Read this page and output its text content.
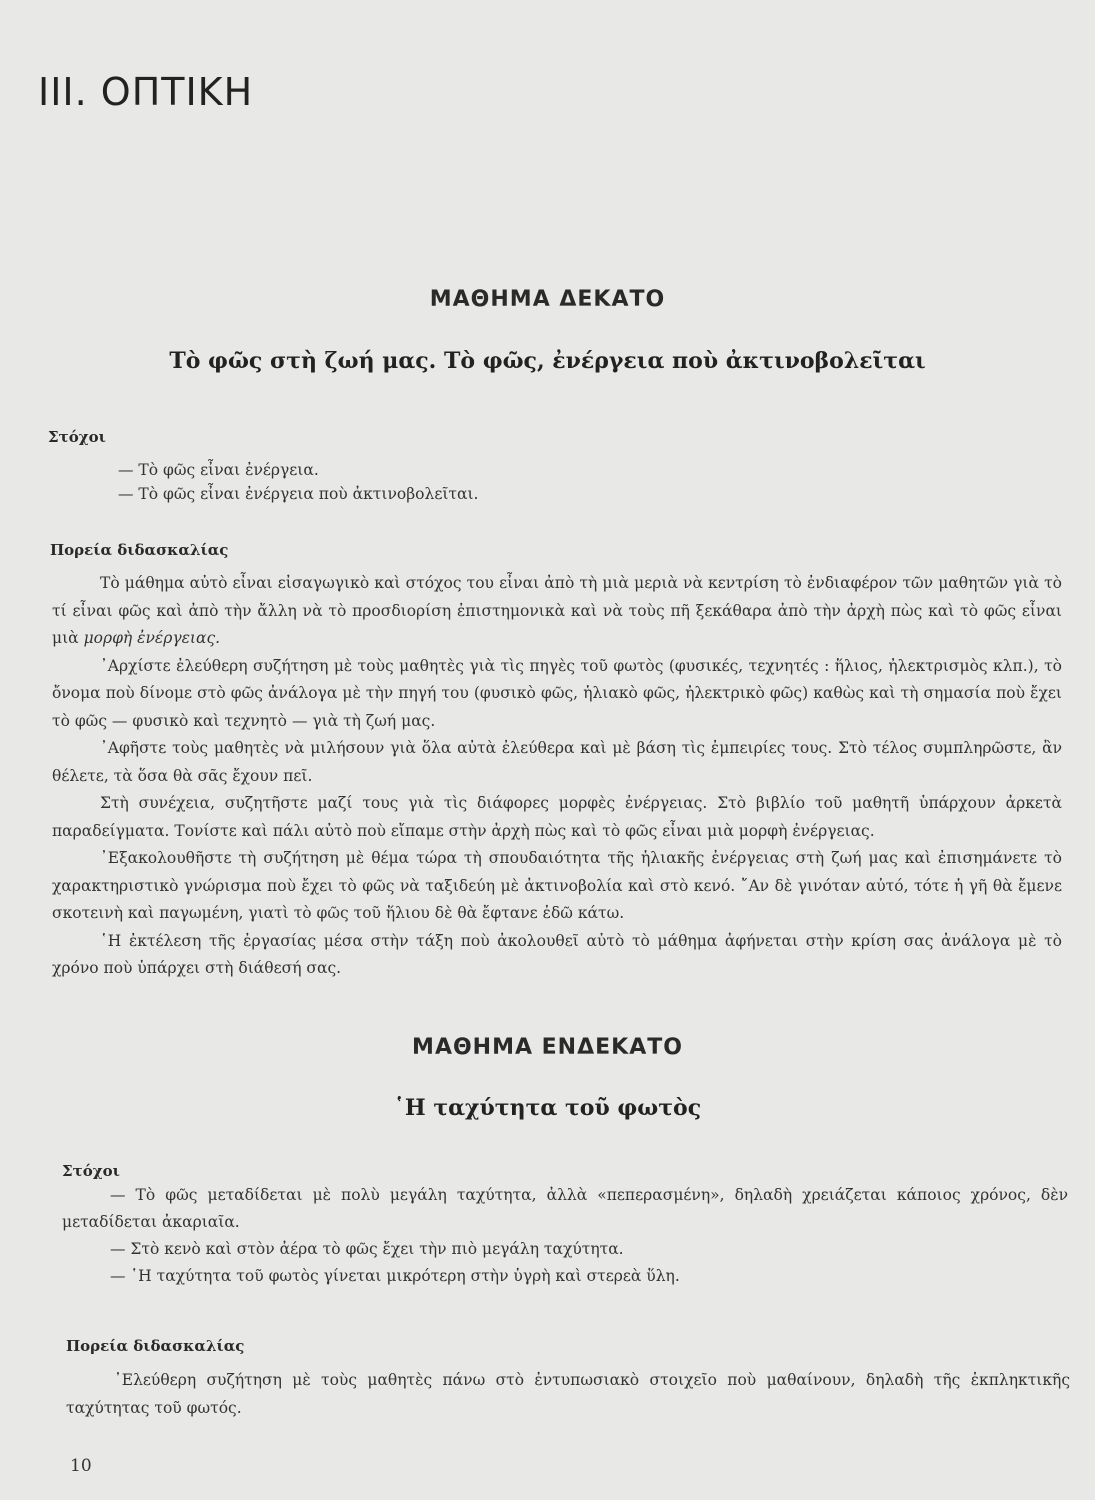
III. ΟΠΤΙΚΗ
ΜΑΘΗΜΑ ΔΕΚΑΤΟ
Τὸ φῶς στὴ ζωή μας. Τὸ φῶς, ἐνέργεια ποὺ ἀκτινοβολεῖται
Στόχοι
— Τὸ φῶς εἶναι ἐνέργεια.
— Τὸ φῶς εἶναι ἐνέργεια ποὺ ἀκτινοβολεῖται.
Πορεία διδασκαλίας

Τὸ μάθημα αὐτὸ εἶναι εἰσαγωγικὸ καὶ στόχος του εἶναι ἀπὸ τὴ μιὰ μεριὰ νὰ κεντρίση τὸ ἐνδιαφέρον τῶν μαθητῶν γιὰ τὸ τί εἶναι φῶς καὶ ἀπὸ τὴν ἄλλη νὰ τὸ προσδιορίση ἐπιστημονικὰ καὶ νὰ τοὺς πῆ ξεκάθαρα ἀπὸ τὴν ἀρχὴ πὼς καὶ τὸ φῶς εἶναι μιὰ μορφὴ ἐνέργειας.

᾿Αρχίστε ἐλεύθερη συζήτηση μὲ τοὺς μαθητὲς γιὰ τὶς πηγὲς τοῦ φωτὸς (φυσικές, τεχνητές : ἥλιος, ἠλεκτρισμὸς κλπ.), τὸ ὄνομα ποὺ δίνομε στὸ φῶς ἀνάλογα μὲ τὴν πηγή του (φυσικὸ φῶς, ἡλιακὸ φῶς, ἠλεκτρικὸ φῶς) καθὼς καὶ τὴ σημασία ποὺ ἔχει τὸ φῶς — φυσικὸ καὶ τεχνητὸ — γιὰ τὴ ζωή μας.

᾿Αφῆστε τοὺς μαθητὲς νὰ μιλήσουν γιὰ ὅλα αὐτὰ ἐλεύθερα καὶ μὲ βάση τὶς ἐμπειρίες τους. Στὸ τέλος συμπληρῶστε, ἂν θέλετε, τὰ ὅσα θὰ σᾶς ἔχουν πεῖ.

Στὴ συνέχεια, συζητῆστε μαζί τους γιὰ τὶς διάφορες μορφὲς ἐνέργειας. Στὸ βιβλίο τοῦ μαθητῆ ὑπάρχουν ἀρκετὰ παραδείγματα. Τονίστε καὶ πάλι αὐτὸ ποὺ εἴπαμε στὴν ἀρχὴ πὼς καὶ τὸ φῶς εἶναι μιὰ μορφὴ ἐνέργειας.

᾿Εξακολουθῆστε τὴ συζήτηση μὲ θέμα τώρα τὴ σπουδαιότητα τῆς ἡλιακῆς ἐνέργειας στὴ ζωή μας καὶ ἐπισημάνετε τὸ χαρακτηριστικὸ γνώρισμα ποὺ ἔχει τὸ φῶς νὰ ταξιδεύη μὲ ἀκτινοβολία καὶ στὸ κενό. ῎Αν δὲ γινόταν αὐτό, τότε ἡ γῆ θὰ ἔμενε σκοτεινὴ καὶ παγωμένη, γιατὶ τὸ φῶς τοῦ ἥλιου δὲ θὰ ἔφτανε ἐδῶ κάτω.

῾Η ἐκτέλεση τῆς ἐργασίας μέσα στὴν τάξη ποὺ ἀκολουθεῖ αὐτὸ τὸ μάθημα ἀφήνεται στὴν κρίση σας ἀνάλογα μὲ τὸ χρόνο ποὺ ὑπάρχει στὴ διάθεσή σας.

ΜΑΘΗΜΑ ΕΝΔΕΚΑΤΟ
῾Η ταχύτητα τοῦ φωτὸς
Στόχοι

— Τὸ φῶς μεταδίδεται μὲ πολὺ μεγάλη ταχύτητα, ἀλλὰ «πεπερασμένη», δηλαδὴ χρειάζεται κάποιος χρόνος, δὲν μεταδίδεται ἀκαριαῖα.

— Στὸ κενὸ καὶ στὸν ἀέρα τὸ φῶς ἔχει τὴν πιὸ μεγάλη ταχύτητα.

— ῾Η ταχύτητα τοῦ φωτὸς γίνεται μικρότερη στὴν ὑγρὴ καὶ στερεὰ ὕλη.

Πορεία διδασκαλίας

᾿Ελεύθερη συζήτηση μὲ τοὺς μαθητὲς πάνω στὸ ἐντυπωσιακὸ στοιχεῖο ποὺ μαθαίνουν, δηλαδὴ τῆς ἐκπληκτικῆς ταχύτητας τοῦ φωτός.

10
